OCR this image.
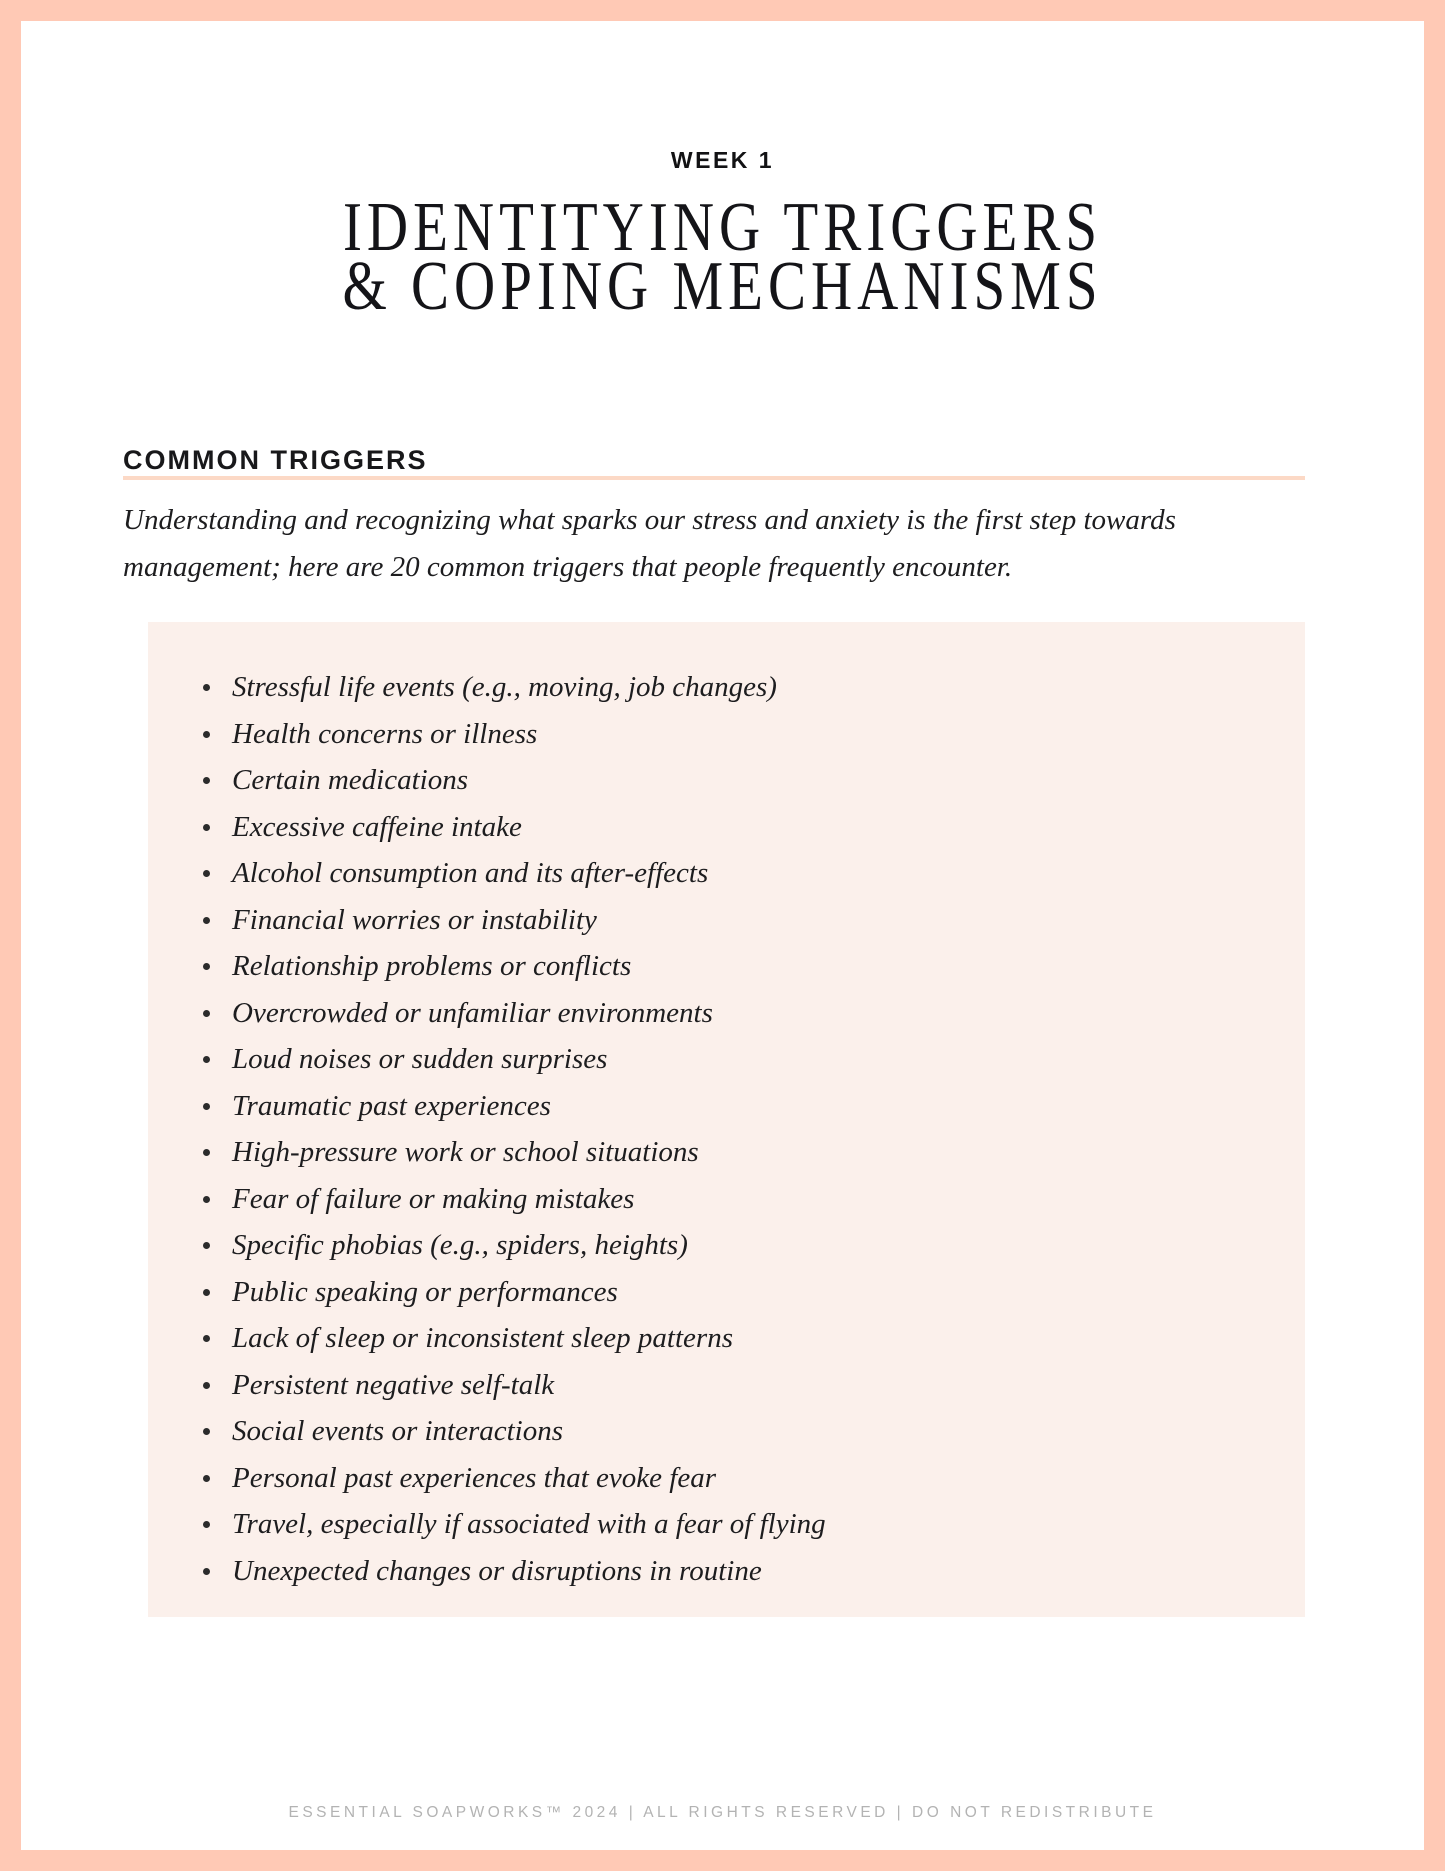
WEEK 1
IDENTITYING TRIGGERS
& COPING MECHANISMS
COMMON TRIGGERS

Understanding and recognizing what sparks our stress and anxiety is the first step towards management; here are 20 common triggers that people frequently encounter.

Stressful life events (e.g., moving, job changes)
Health concerns or illness
Certain medications
Excessive caffeine intake
Alcohol consumption and its after-effects
Financial worries or instability
Relationship problems or conflicts
Overcrowded or unfamiliar environments
Loud noises or sudden surprises
Traumatic past experiences
High-pressure work or school situations
Fear of failure or making mistakes
Specific phobias (e.g., spiders, heights)
Public speaking or performances
Lack of sleep or inconsistent sleep patterns
Persistent negative self-talk
Social events or interactions
Personal past experiences that evoke fear
Travel, especially if associated with a fear of flying
Unexpected changes or disruptions in routine
ESSENTIAL SOAPWORKS™ 2024 | ALL RIGHTS RESERVED | DO NOT REDISTRIBUTE
